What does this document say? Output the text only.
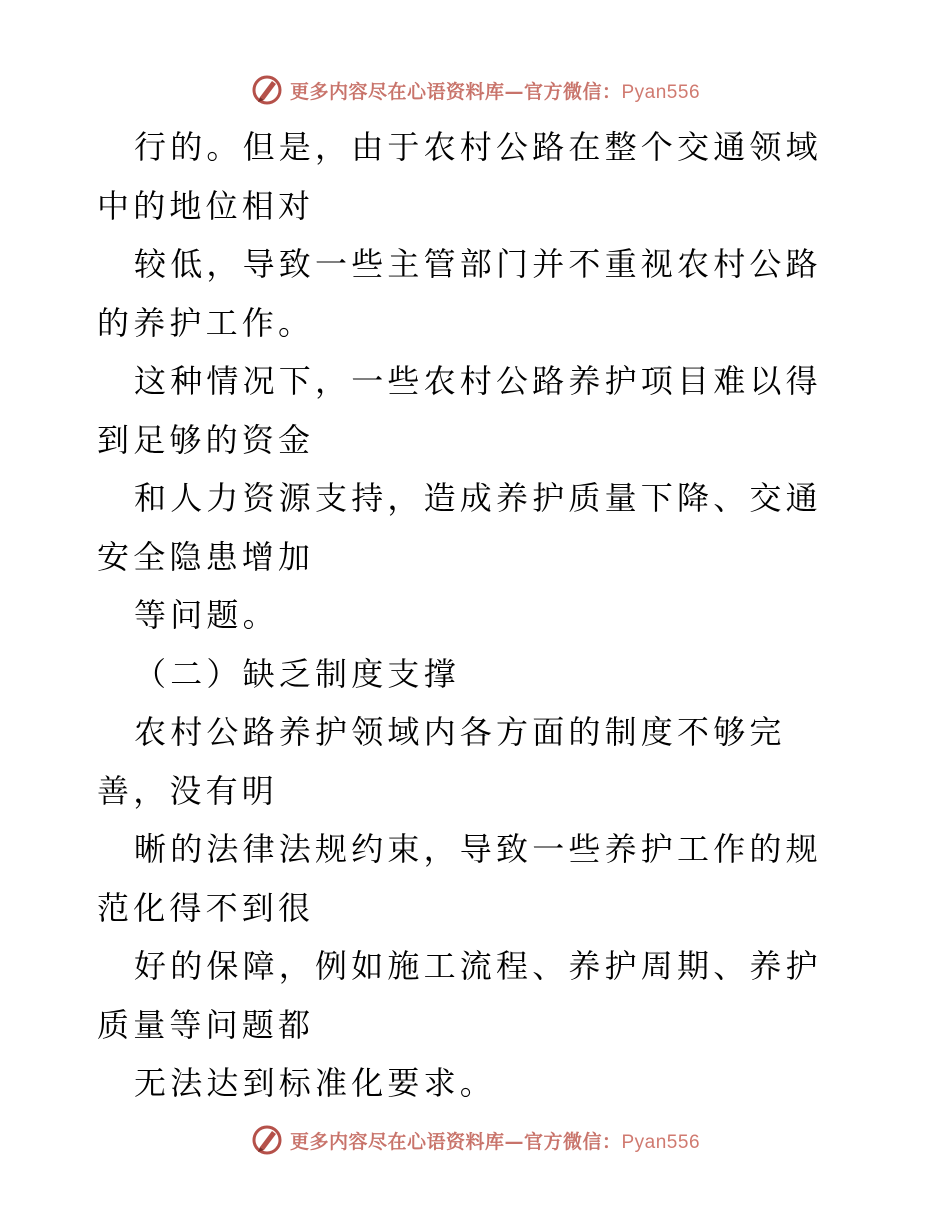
更多内容尽在心语资料库—官方微信：Pyan556

行的。但是，由于农村公路在整个交通领域中的地位相对

较低，导致一些主管部门并不重视农村公路的养护工作。

这种情况下，一些农村公路养护项目难以得到足够的资金

和人力资源支持，造成养护质量下降、交通安全隐患增加

等问题。

（二）缺乏制度支撑

农村公路养护领域内各方面的制度不够完善，没有明

晰的法律法规约束，导致一些养护工作的规范化得不到很

好的保障，例如施工流程、养护周期、养护质量等问题都

无法达到标准化要求。

更多内容尽在心语资料库—官方微信：Pyan556
